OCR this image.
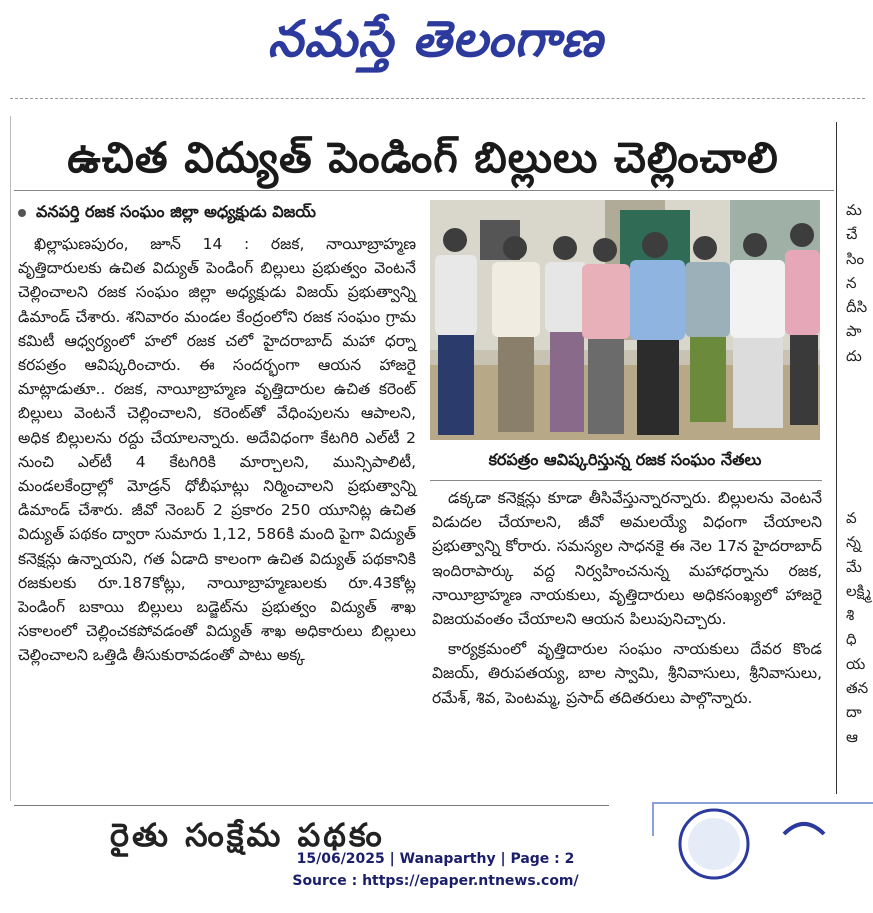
నమస్తే తెలంగాణ
ఉచిత విద్యుత్ పెండింగ్ బిల్లులు చెల్లించాలి
వనపర్తి రజక సంఘం జిల్లా అధ్యక్షుడు విజయ్
కరపత్రం ఆవిష్కరిస్తున్న రజక సంఘం నేతలు

ఖిల్లాఘణపురం, జూన్ 14 : రజక, నాయీబ్రాహ్మణ వృత్తిదారులకు ఉచిత విద్యుత్ పెండింగ్ బిల్లులు ప్రభుత్వం వెంటనే చెల్లించాలని రజక సంఘం జిల్లా అధ్యక్షుడు విజయ్ ప్రభుత్వాన్ని డిమాండ్ చేశారు. శనివారం మండల కేంద్రంలోని రజక సంఘం గ్రామ కమిటీ ఆధ్వర్యంలో హలో రజక చలో హైదరాబాద్ మహా ధర్నా కరపత్రం ఆవిష్కరించారు. ఈ సందర్భంగా ఆయన హాజరై మాట్లాడుతూ.. రజక, నాయీబ్రాహ్మణ వృత్తిదారుల ఉచిత కరెంట్ బిల్లులు వెంటనే చెల్లించాలని, కరెంట్‌తో వేధింపులను ఆపాలని, అధిక బిల్లులను రద్దు చేయాలన్నారు. అదేవిధంగా కేటగిరి ఎల్‌టీ 2 నుంచి ఎల్‌టీ 4 కేటగిరికి మార్చాలని, మున్సిపాలిటీ, మండలకేంద్రాల్లో మోడ్రన్ ధోబీఘాట్లు నిర్మించాలని ప్రభుత్వాన్ని డిమాండ్ చేశారు. జీవో నెంబర్ 2 ప్రకారం 250 యూనిట్ల ఉచిత విద్యుత్ పథకం ద్వారా సుమారు 1,12, 586కి మంది పైగా విద్యుత్ కనెక్షన్లు ఉన్నాయని, గత ఏడాది కాలంగా ఉచిత విద్యుత్ పథకానికి రజకులకు రూ.187కోట్లు, నాయీబ్రాహ్మణులకు రూ.43కోట్ల పెండింగ్ బకాయి బిల్లులు బడ్జెట్‌ను ప్రభుత్వం విద్యుత్ శాఖ సకాలంలో చెల్లించకపోవడంతో విద్యుత్ శాఖ అధికారులు బిల్లులు చెల్లించాలని ఒత్తిడి తీసుకురావడంతో పాటు అక్క

డక్కడా కనెక్షన్లు కూడా తీసివేస్తున్నారన్నారు. బిల్లులను వెంటనే విడుదల చేయాలని, జీవో అమలయ్యే విధంగా చేయాలని ప్రభుత్వాన్ని కోరారు. సమస్యల సాధనకై ఈ నెల 17న హైదరాబాద్ ఇందిరాపార్కు వద్ద నిర్వహించనున్న మహాధర్నాను రజక, నాయీబ్రాహ్మణ నాయకులు, వృత్తిదారులు అధికసంఖ్యలో హాజరై విజయవంతం చేయాలని ఆయన పిలుపునిచ్చారు.

కార్యక్రమంలో వృత్తిదారుల సంఘం నాయకులు దేవర కొండ విజయ్, తిరుపతయ్య, బాల స్వామి, శ్రీనివాసులు, శ్రీనివాసులు, రమేశ్, శివ, పెంటమ్మ, ప్రసాద్ తదితరులు పాల్గొన్నారు.

రైతు సంక్షేమ పథకం
మ
చే
సిం
న
దీసి
పా
దు
వ
న్న
మే
లక్ష్మి
శి
ధి
య
తన
దా
ఆ
15/06/2025 | Wanaparthy | Page : 2
Source : https://epaper.ntnews.com/
